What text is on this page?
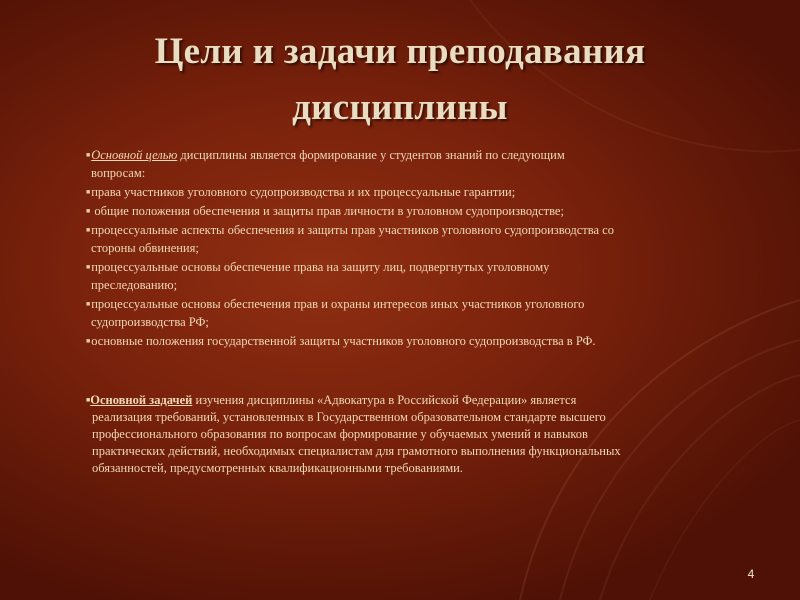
Цели и задачи преподавания
дисциплины
■Основной целью дисциплины является формирование у студентов знаний по следующим
вопросам:
■права участников уголовного судопроизводства и их процессуальные гарантии;
■ общие положения обеспечения и защиты прав личности в уголовном судопроизводстве;
■процессуальные аспекты обеспечения и защиты прав участников уголовного судопроизводства со
стороны обвинения;
■процессуальные основы обеспечение права на защиту лиц, подвергнутых уголовному
преследованию;
■процессуальные основы обеспечения прав и охраны интересов иных участников уголовного
судопроизводства РФ;
■основные положения государственной защиты участников уголовного судопроизводства в РФ.

■Основной задачей изучения дисциплины «Адвокатура в Российской Федерации» является
реализация требований, установленных в Государственном образовательном стандарте высшего
профессионального образования по вопросам формирование у обучаемых умений и навыков
практических действий, необходимых специалистам для грамотного выполнения функциональных
обязанностей, предусмотренных квалификационными требованиями.

4
